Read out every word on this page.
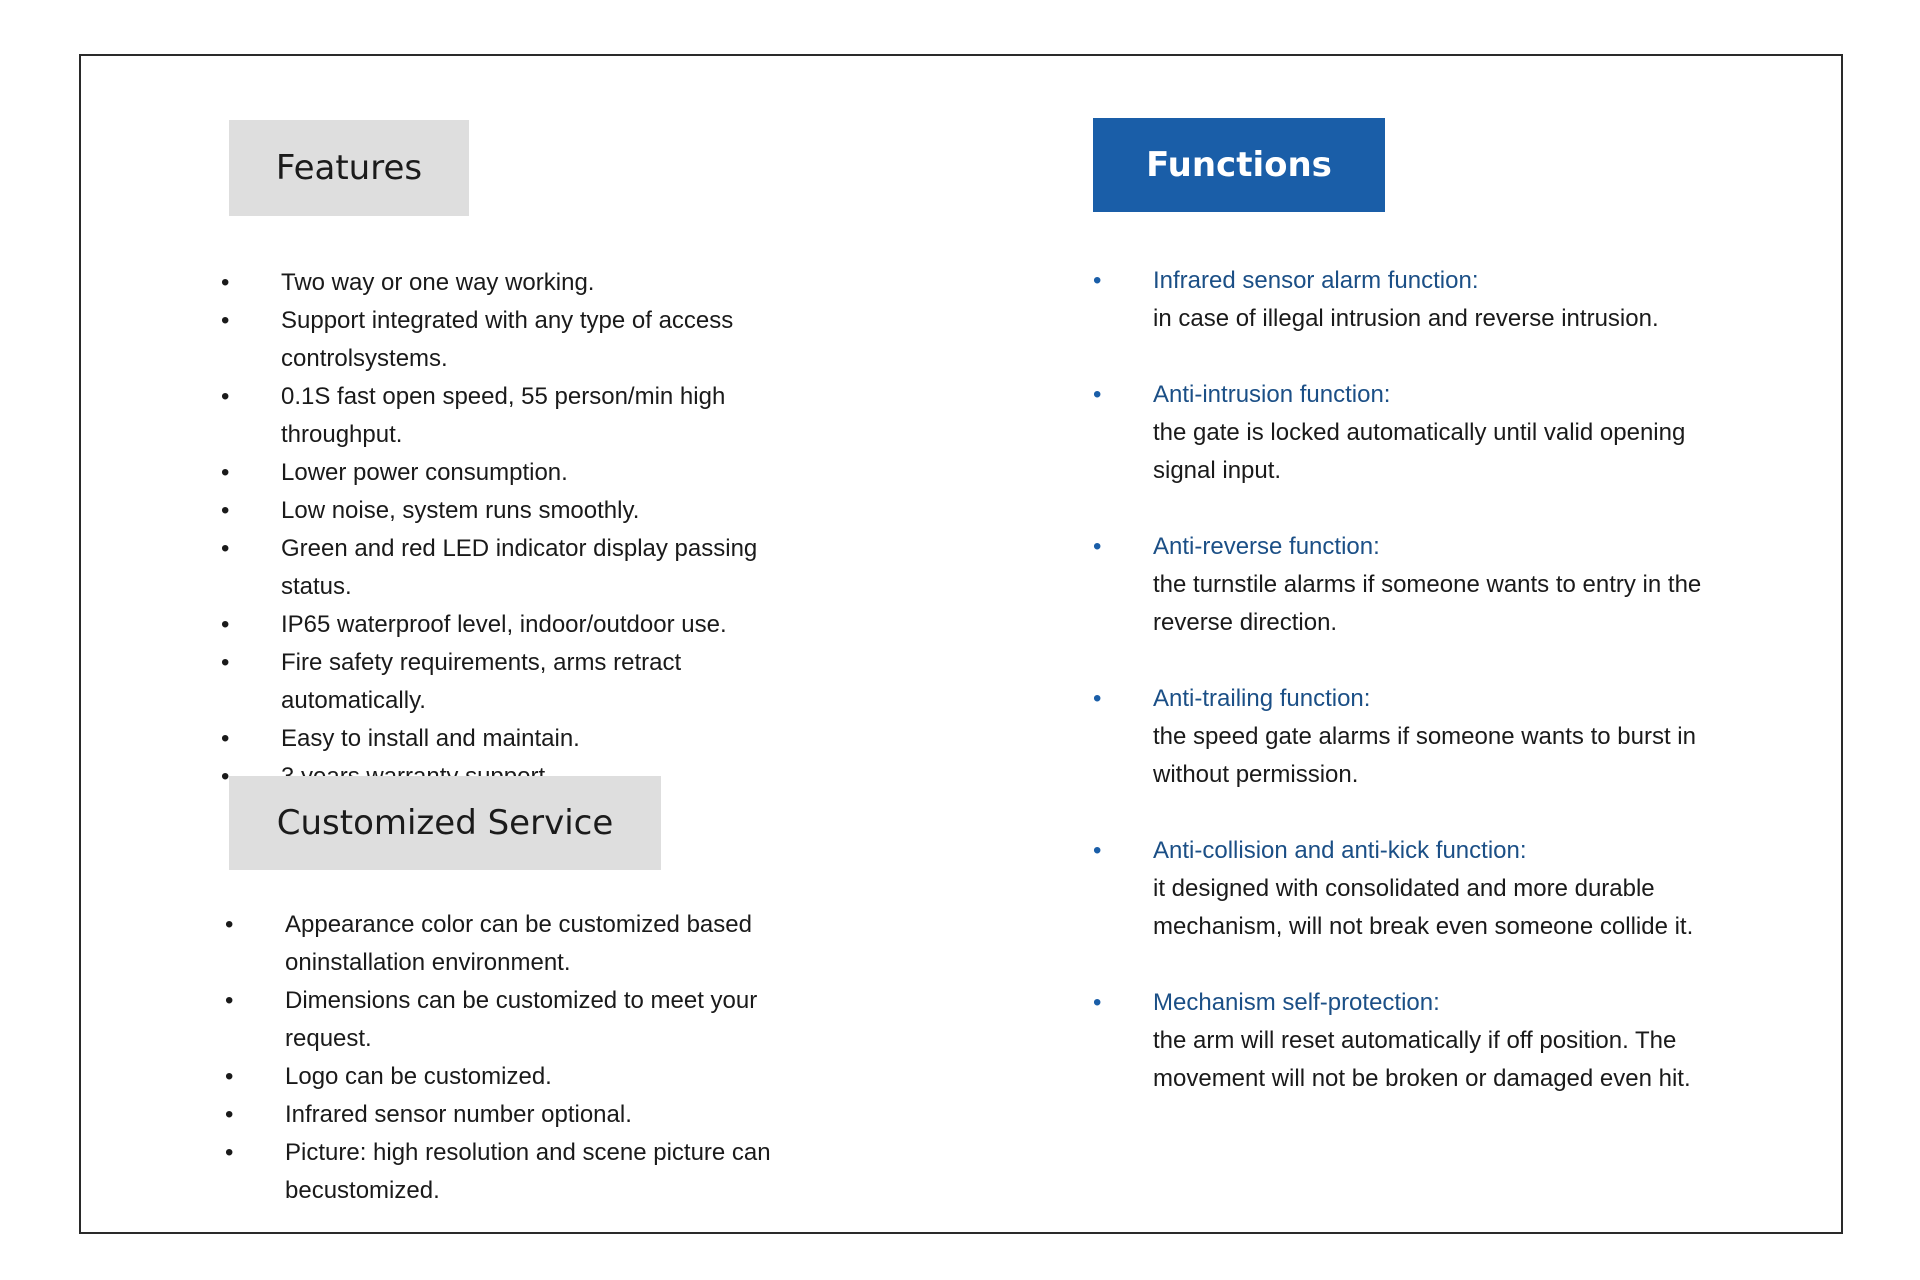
Features
• Two way or one way working.
• Support integrated with any type of access controlsystems.
• 0.1S fast open speed, 55 person/min high throughput.
• Lower power consumption.
• Low noise, system runs smoothly.
• Green and red LED indicator display passing status.
• IP65 waterproof level, indoor/outdoor use.
• Fire safety requirements, arms retract automatically.
• Easy to install and maintain.
•
Customized Service
• Appearance color can be customized based oninstallation environment.
• Dimensions can be customized to meet your request.
• Logo can be customized.
• Infrared sensor number optional.
• Picture: high resolution and scene picture can becustomized.
Functions
• Infrared sensor alarm function:
in case of illegal intrusion and reverse intrusion.
• Anti-intrusion function:
the gate is locked automatically until valid opening signal input.
• Anti-reverse function:
the turnstile alarms if someone wants to entry in the reverse direction.
• Anti-trailing function:
the speed gate alarms if someone wants to burst in without permission.
• Anti-collision and anti-kick function:
it designed with consolidated and more durable mechanism, will not break even someone collide it.
• Mechanism self-protection:
the arm will reset automatically if off position. The movement will not be broken or damaged even hit.
